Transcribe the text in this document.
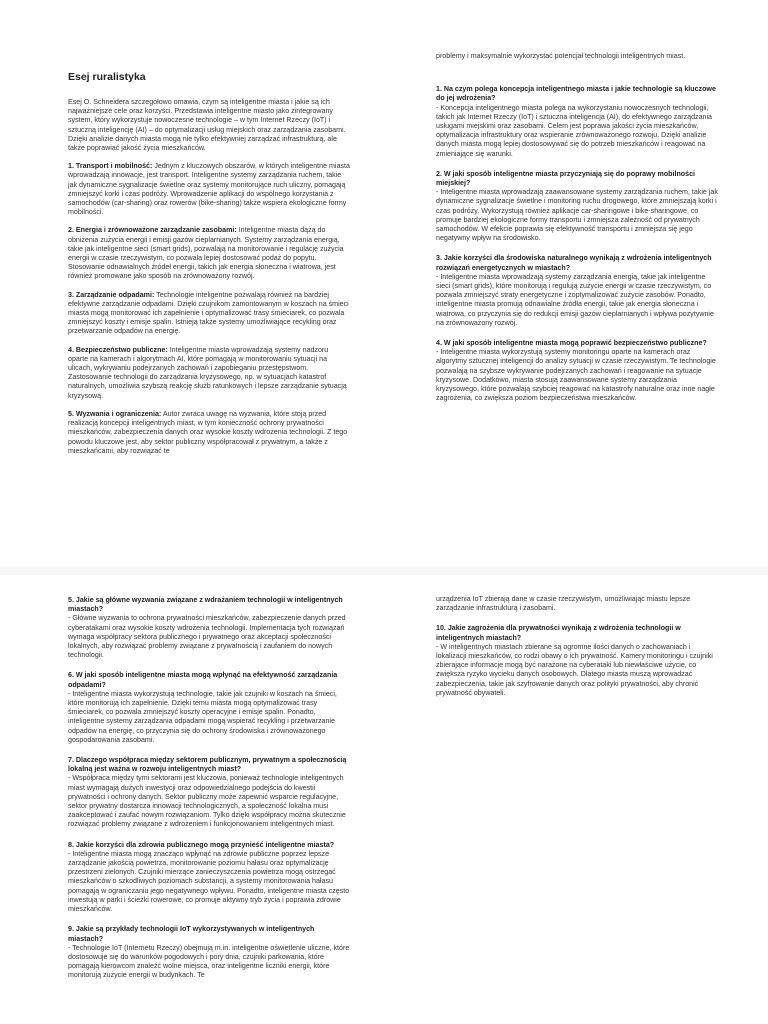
Esej ruralistyka

Esej O. Schneidera szczegółowo omawia, czym są inteligentne miasta i jakie są ich najważniejsze cele oraz korzyści. Przedstawia inteligentne miasto jako zintegrowany system, który wykorzystuje nowoczesne technologie – w tym Internet Rzeczy (IoT) i sztuczną inteligencję (AI) – do optymalizacji usług miejskich oraz zarządzania zasobami. Dzięki analizie danych miasta mogą nie tylko efektywniej zarządzać infrastrukturą, ale także poprawiać jakość życia mieszkańców.

1. Transport i mobilność: Jednym z kluczowych obszarów, w których inteligentne miasta wprowadzają innowacje, jest transport. Inteligentne systemy zarządzania ruchem, takie jak dynamiczne sygnalizacje świetlne oraz systemy monitorujące ruch uliczny, pomagają zmniejszyć korki i czas podróży. Wprowadzenie aplikacji do wspólnego korzystania z samochodów (car-sharing) oraz rowerów (bike-sharing) także wspiera ekologiczne formy mobilności.

2. Energia i zrównoważone zarządzanie zasobami: Inteligentne miasta dążą do obniżenia zużycia energii i emisji gazów cieplarnianych. Systemy zarządzania energią, takie jak inteligentne sieci (smart grids), pozwalają na monitorowanie i regulację zużycia energii w czasie rzeczywistym, co pozwala lepiej dostosować podaż do popytu. Stosowanie odnawialnych źródeł energii, takich jak energia słoneczna i wiatrowa, jest również promowane jako sposób na zrównoważony rozwój.

3. Zarządzanie odpadami: Technologie inteligentne pozwalają również na bardziej efektywne zarządzanie odpadami. Dzięki czujnikom zamontowanym w koszach na śmieci miasta mogą monitorować ich zapełnienie i optymalizować trasy śmieciarek, co pozwala zmniejszyć koszty i emisje spalin. Istnieją także systemy umożliwiające recykling oraz przetwarzanie odpadów na energię.

4. Bezpieczeństwo publiczne: Inteligentne miasta wprowadzają systemy nadzoru oparte na kamerach i algorytmach AI, które pomagają w monitorowaniu sytuacji na ulicach, wykrywaniu podejrzanych zachowań i zapobieganiu przestępstwom. Zastosowanie technologii do zarządzania kryzysowego, np. w sytuacjach katastrof naturalnych, umożliwia szybszą reakcję służb ratunkowych i lepsze zarządzanie sytuacją kryzysową.

5. Wyzwania i ograniczenia: Autor zwraca uwagę na wyzwania, które stoją przed realizacją koncepcji inteligentnych miast, w tym konieczność ochrony prywatności mieszkańców, zabezpieczenia danych oraz wysokie koszty wdrożenia technologii. Z tego powodu kluczowe jest, aby sektor publiczny współpracował z prywatnym, a także z mieszkańcami, aby rozwiązać te

problemy i maksymalnie wykorzystać potencjał technologii inteligentnych miast.

1. Na czym polega koncepcja inteligentnego miasta i jakie technologie są kluczowe do jej wdrożenia?
- Koncepcja inteligentnego miasta polega na wykorzystaniu nowoczesnych technologii, takich jak Internet Rzeczy (IoT) i sztuczna inteligencja (AI), do efektywnego zarządzania usługami miejskimi oraz zasobami. Celem jest poprawa jakości życia mieszkańców, optymalizacja infrastruktury oraz wspieranie zrównoważonego rozwoju. Dzięki analizie danych miasta mogą lepiej dostosowywać się do potrzeb mieszkańców i reagować na zmieniające się warunki.

2. W jaki sposób inteligentne miasta przyczyniają się do poprawy mobilności miejskiej?
- Inteligentne miasta wprowadzają zaawansowane systemy zarządzania ruchem, takie jak dynamiczne sygnalizacje świetlne i monitoring ruchu drogowego, które zmniejszają korki i czas podróży. Wykorzystują również aplikacje car-sharingowe i bike-sharingowe, co promuje bardziej ekologiczne formy transportu i zmniejsza zależność od prywatnych samochodów. W efekcie poprawia się efektywność transportu i zmniejsza się jego negatywny wpływ na środowisko.

3. Jakie korzyści dla środowiska naturalnego wynikają z wdrożenia inteligentnych rozwiązań energetycznych w miastach?
- Inteligentne miasta wprowadzają systemy zarządzania energią, takie jak inteligentne sieci (smart grids), które monitorują i regulują zużycie energii w czasie rzeczywistym, co pozwala zmniejszyć straty energetyczne i zoptymalizować zużycie zasobów. Ponadto, inteligentne miasta promują odnawialne źródła energii, takie jak energia słoneczna i wiatrowa, co przyczynia się do redukcji emisji gazów cieplarnianych i wpływa pozytywnie na zrównoważony rozwój.

4. W jaki sposób inteligentne miasta mogą poprawić bezpieczeństwo publiczne?
- Inteligentne miasta wykorzystują systemy monitoringu oparte na kamerach oraz algorytmy sztucznej inteligencji do analizy sytuacji w czasie rzeczywistym. Te technologie pozwalają na szybsze wykrywanie podejrzanych zachowań i reagowanie na sytuacje kryzysowe. Dodatkowo, miasta stosują zaawansowane systemy zarządzania kryzysowego, które pozwalają szybciej reagować na katastrofy naturalne oraz inne nagłe zagrożenia, co zwiększa poziom bezpieczeństwa mieszkańców.

5. Jakie są główne wyzwania związane z wdrażaniem technologii w inteligentnych miastach?
- Główne wyzwania to ochrona prywatności mieszkańców, zabezpieczenie danych przed cyberatakami oraz wysokie koszty wdrożenia technologii. Implementacja tych rozwiązań wymaga współpracy sektora publicznego i prywatnego oraz akceptacji społeczności lokalnych, aby rozwiązać problemy związane z prywatnością i zaufaniem do nowych technologii.

6. W jaki sposób inteligentne miasta mogą wpłynąć na efektywność zarządzania odpadami?
- Inteligentne miasta wykorzystują technologie, takie jak czujniki w koszach na śmieci, które monitorują ich zapełnienie. Dzięki temu miasta mogą optymalizować trasy śmieciarek, co pozwala zmniejszyć koszty operacyjne i emisje spalin. Ponadto, inteligentne systemy zarządzania odpadami mogą wspierać recykling i przetwarzanie odpadów na energię, co przyczynia się do ochrony środowiska i zrównoważonego gospodarowania zasobami.

7. Dlaczego współpraca między sektorem publicznym, prywatnym a społecznością lokalną jest ważna w rozwoju inteligentnych miast?
- Współpraca między tymi sektorami jest kluczowa, ponieważ technologie inteligentnych miast wymagają dużych inwestycji oraz odpowiedzialnego podejścia do kwestii prywatności i ochrony danych. Sektor publiczny może zapewnić wsparcie regulacyjne, sektor prywatny dostarcza innowacji technologicznych, a społeczność lokalna musi zaakceptować i zaufać nowym rozwiązaniom. Tylko dzięki współpracy można skutecznie rozwiązać problemy związane z wdrożeniem i funkcjonowaniem inteligentnych miast.

8. Jakie korzyści dla zdrowia publicznego mogą przynieść inteligentne miasta?
- Inteligentne miasta mogą znacząco wpłynąć na zdrowie publiczne poprzez lepsze zarządzanie jakością powietrza, monitorowanie poziomu hałasu oraz optymalizację przestrzeni zielonych. Czujniki mierzące zanieczyszczenia powietrza mogą ostrzegać mieszkańców o szkodliwych poziomach substancji, a systemy monitorowania hałasu pomagają w ograniczaniu jego negatywnego wpływu. Ponadto, inteligentne miasta często inwestują w parki i ścieżki rowerowe, co promuje aktywny tryb życia i poprawia zdrowie mieszkańców.

9. Jakie są przykłady technologii IoT wykorzystywanych w inteligentnych miastach?
- Technologie IoT (Internetu Rzeczy) obejmują m.in. inteligentne oświetlenie uliczne, które dostosowuje się do warunków pogodowych i pory dnia, czujniki parkowania, które pomagają kierowcom znaleźć wolne miejsca, oraz inteligentne liczniki energii, które monitorują zużycie energii w budynkach. Te

urządzenia IoT zbierają dane w czasie rzeczywistym, umożliwiając miastu lepsze zarządzanie infrastrukturą i zasobami.

10. Jakie zagrożenia dla prywatności wynikają z wdrożenia technologii w inteligentnych miastach?
- W inteligentnych miastach zbierane są ogromne ilości danych o zachowaniach i lokalizacji mieszkańców, co rodzi obawy o ich prywatność. Kamery monitoringu i czujniki zbierające informacje mogą być narażone na cyberataki lub niewłaściwe użycie, co zwiększa ryzyko wycieku danych osobowych. Dlatego miasta muszą wprowadzać zabezpieczenia, takie jak szyfrowanie danych oraz polityki prywatności, aby chronić prywatność obywateli.
